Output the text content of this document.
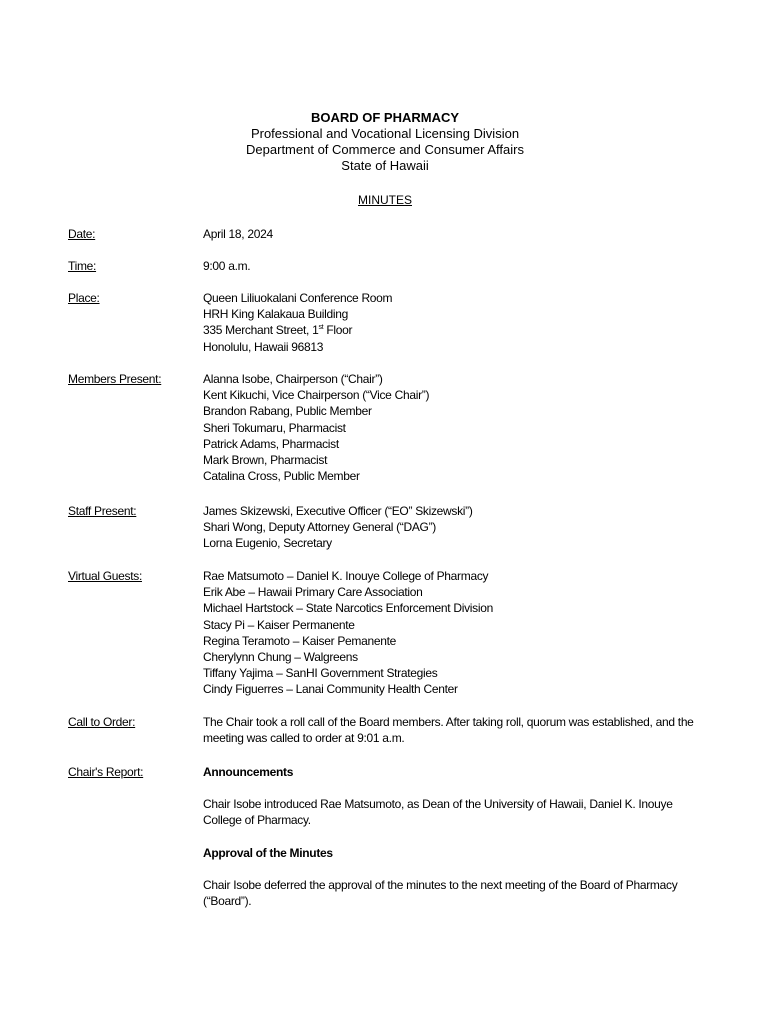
BOARD OF PHARMACY
Professional and Vocational Licensing Division
Department of Commerce and Consumer Affairs
State of Hawaii
MINUTES
Date:	April 18, 2024
Time:	9:00 a.m.
Place:	Queen Liliuokalani Conference Room
HRH King Kalakaua Building
335 Merchant Street, 1st Floor
Honolulu, Hawaii 96813
Members Present:	Alanna Isobe, Chairperson (“Chair”)
Kent Kikuchi, Vice Chairperson (“Vice Chair”)
Brandon Rabang, Public Member
Sheri Tokumaru, Pharmacist
Patrick Adams, Pharmacist
Mark Brown, Pharmacist
Catalina Cross, Public Member
Staff Present:	James Skizewski, Executive Officer (“EO” Skizewski”)
Shari Wong, Deputy Attorney General (“DAG”)
Lorna Eugenio, Secretary
Virtual Guests:	Rae Matsumoto – Daniel K. Inouye College of Pharmacy
Erik Abe – Hawaii Primary Care Association
Michael Hartstock – State Narcotics Enforcement Division
Stacy Pi – Kaiser Permanente
Regina Teramoto – Kaiser Pemanente
Cherylynn Chung – Walgreens
Tiffany Yajima – SanHI Government Strategies
Cindy Figuerres – Lanai Community Health Center
Call to Order:	The Chair took a roll call of the Board members. After taking roll, quorum was established, and the meeting was called to order at 9:01 a.m.
Chair's Report:	Announcements
Chair Isobe introduced Rae Matsumoto, as Dean of the University of Hawaii, Daniel K. Inouye College of Pharmacy.
Approval of the Minutes
Chair Isobe deferred the approval of the minutes to the next meeting of the Board of Pharmacy (“Board”).
